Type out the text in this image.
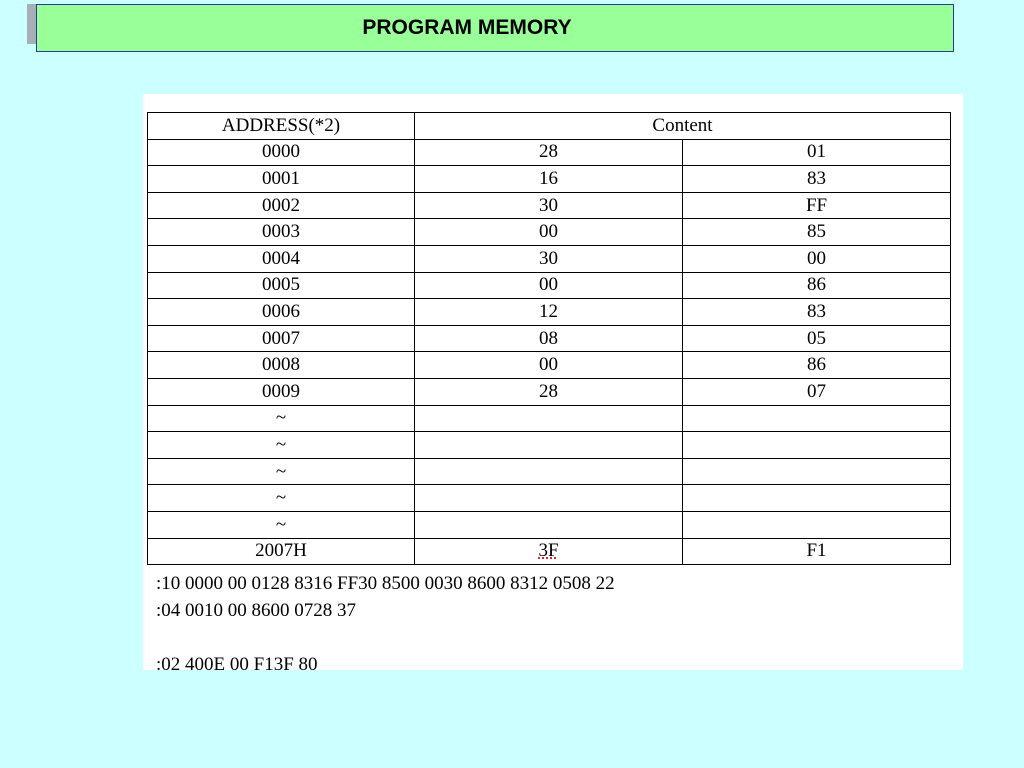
PROGRAM MEMORY
ADDRESS(*2)	Content	
0000	28	01
0001	16	83
0002	30	FF
0003	00	85
0004	30	00
0005	00	86
0006	12	83
0007	08	05
0008	00	86
0009	28	07
~		
~		
~		
~		
~		
2007H	3F	F1
:10 0000 00 0128 8316 FF30 8500 0030 8600 8312 0508 22
:04 0010 00 8600 0728 37
:02 400E 00 F13F 80
